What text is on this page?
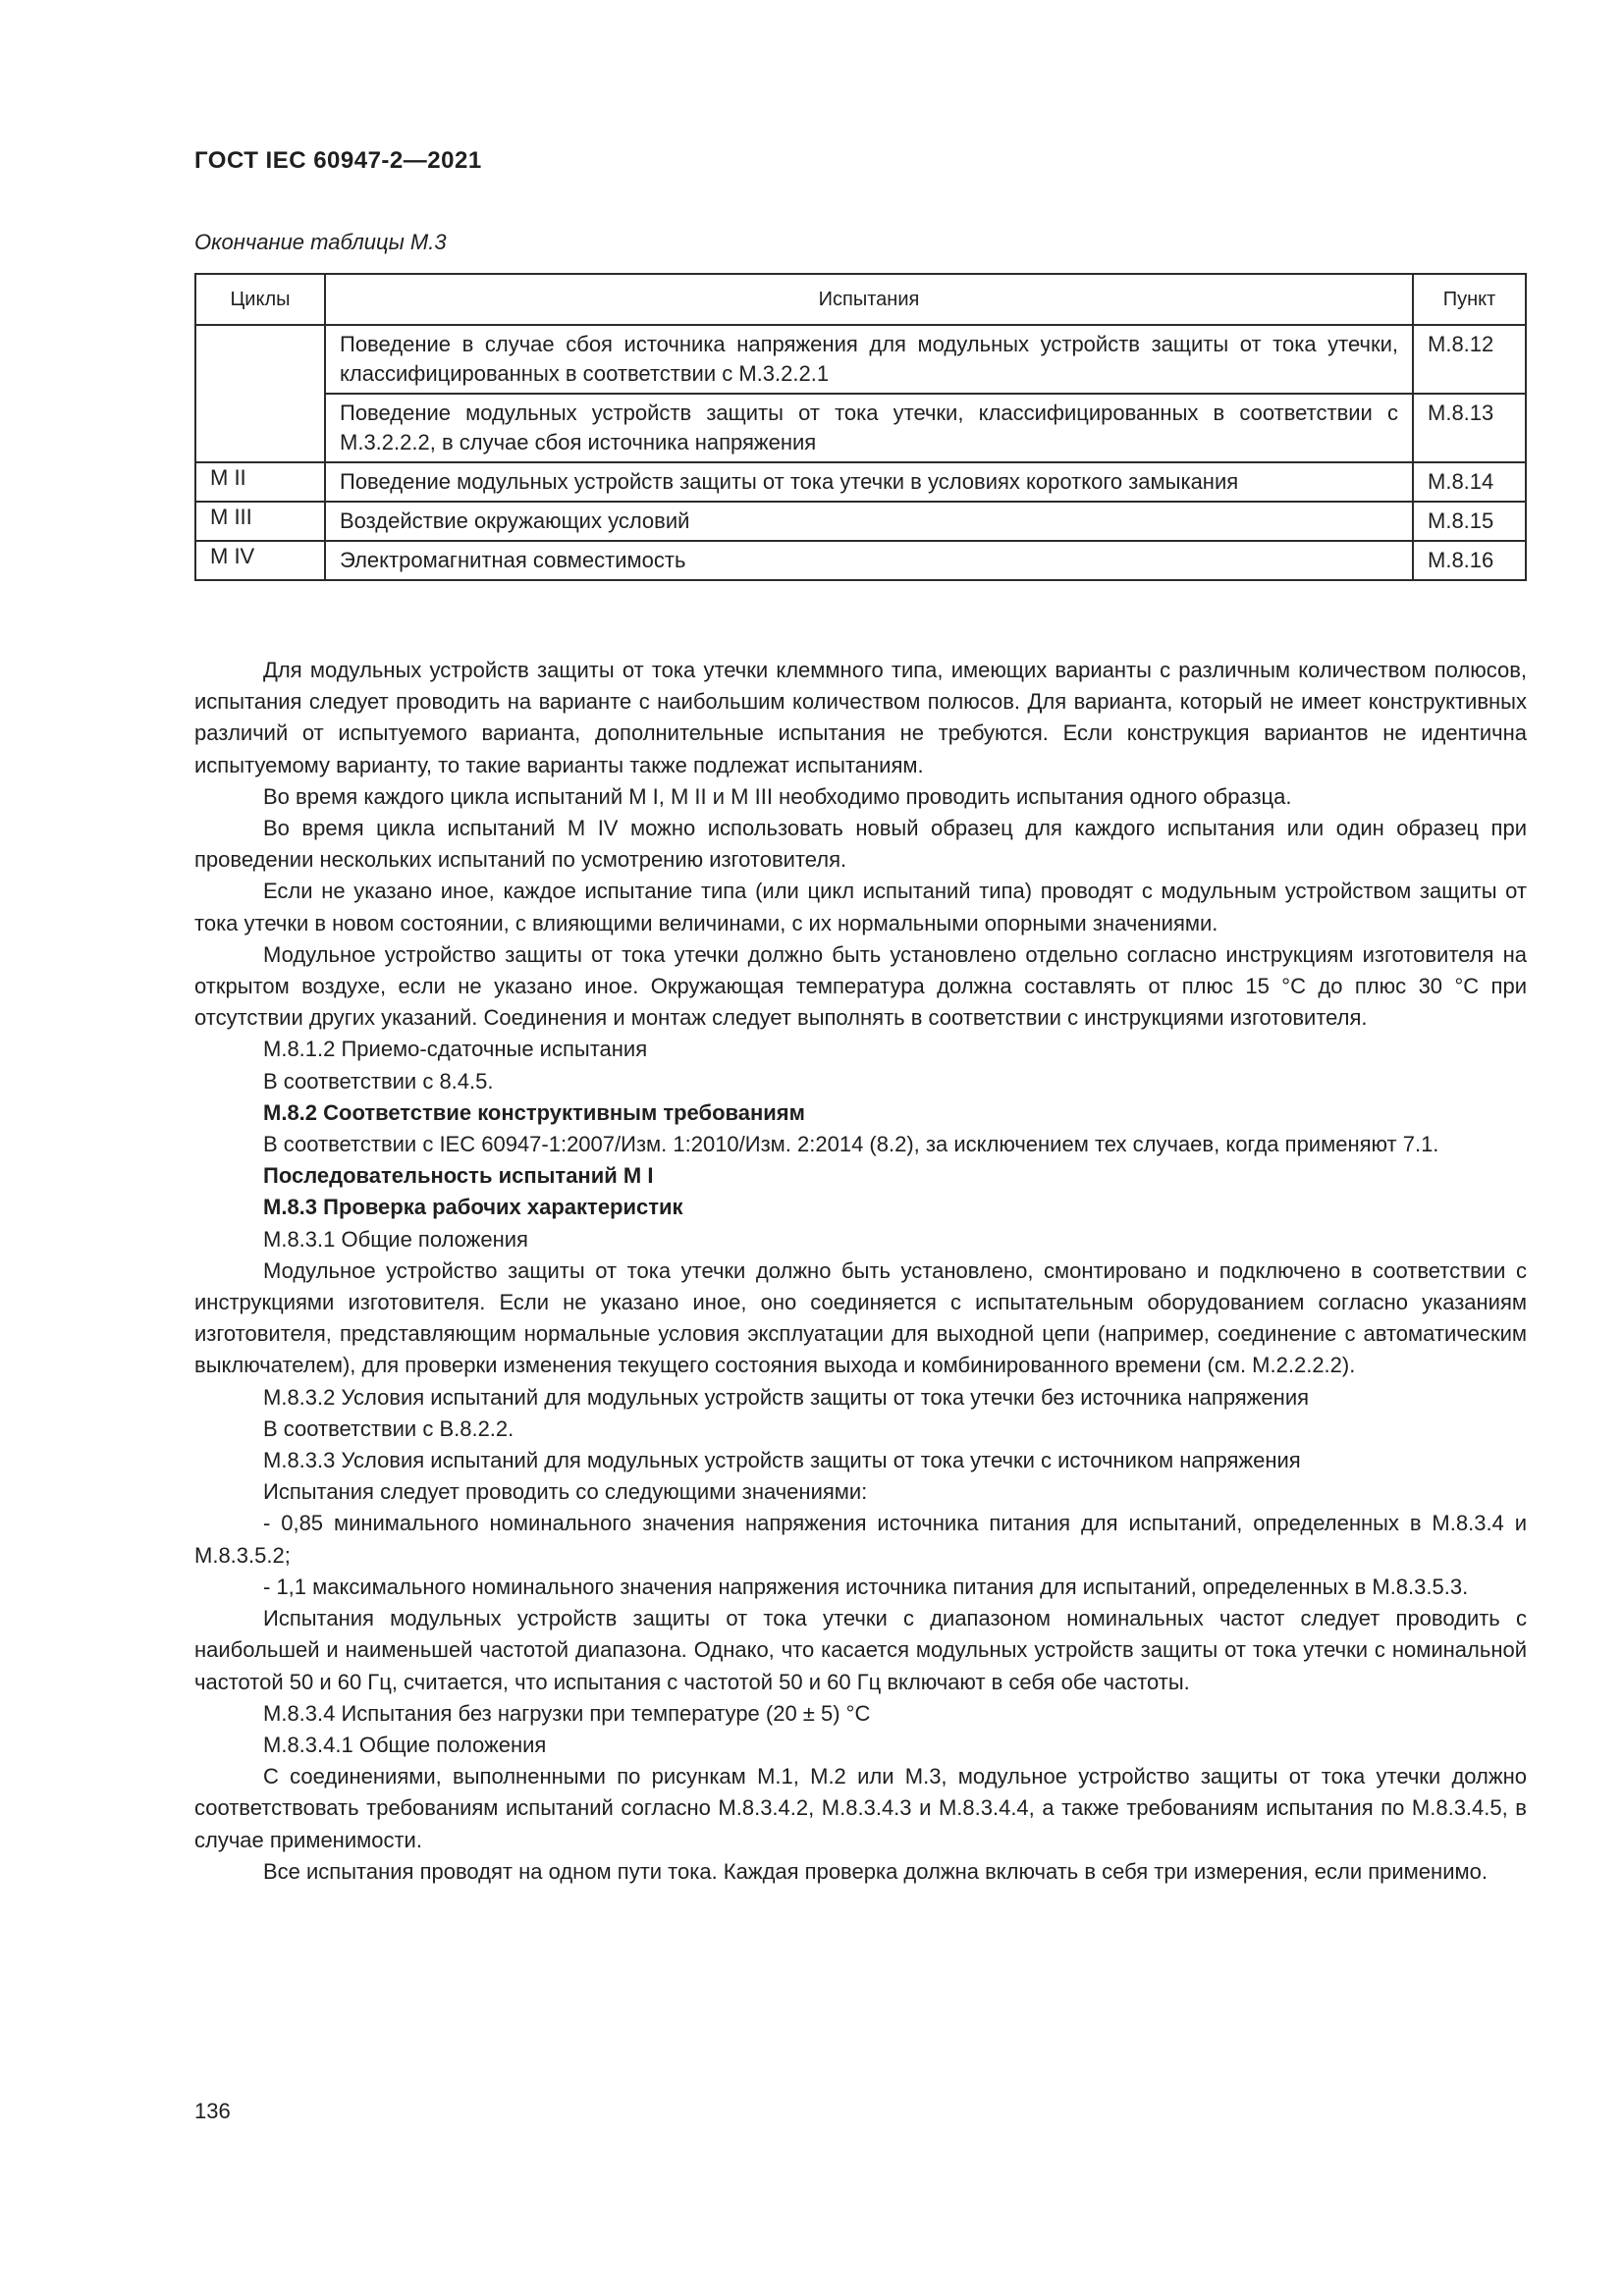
ГОСТ IEC 60947-2—2021
Окончание таблицы М.3
Циклы	Испытания	Пункт
	Поведение в случае сбоя источника напряжения для модульных устройств защиты от тока утечки, классифицированных в соответствии с М.3.2.2.1	М.8.12
	Поведение модульных устройств защиты от тока утечки, классифицированных в соответствии с М.3.2.2.2, в случае сбоя источника напряжения	М.8.13
М II	Поведение модульных устройств защиты от тока утечки в условиях короткого замыкания	М.8.14
М III	Воздействие окружающих условий	М.8.15
М IV	Электромагнитная совместимость	М.8.16

Для модульных устройств защиты от тока утечки клеммного типа, имеющих варианты с различным количеством полюсов, испытания следует проводить на варианте с наибольшим количеством полюсов. Для варианта, который не имеет конструктивных различий от испытуемого варианта, дополнительные испытания не требуются. Если конструкция вариантов не идентична испытуемому варианту, то такие варианты также подлежат испытаниям.

Во время каждого цикла испытаний М I, М II и М III необходимо проводить испытания одного образца.

Во время цикла испытаний М IV можно использовать новый образец для каждого испытания или один образец при проведении нескольких испытаний по усмотрению изготовителя.

Если не указано иное, каждое испытание типа (или цикл испытаний типа) проводят с модульным устройством защиты от тока утечки в новом состоянии, с влияющими величинами, с их нормальными опорными значениями.

Модульное устройство защиты от тока утечки должно быть установлено отдельно согласно инструкциям изготовителя на открытом воздухе, если не указано иное. Окружающая температура должна составлять от плюс 15 °С до плюс 30 °С при отсутствии других указаний. Соединения и монтаж следует выполнять в соответствии с инструкциями изготовителя.

М.8.1.2 Приемо-сдаточные испытания

В соответствии с 8.4.5.

М.8.2 Соответствие конструктивным требованиям

В соответствии с IEC 60947-1:2007/Изм. 1:2010/Изм. 2:2014 (8.2), за исключением тех случаев, когда применяют 7.1.

Последовательность испытаний М I

М.8.3 Проверка рабочих характеристик

М.8.3.1 Общие положения

Модульное устройство защиты от тока утечки должно быть установлено, смонтировано и подключено в соответствии с инструкциями изготовителя. Если не указано иное, оно соединяется с испытательным оборудованием согласно указаниям изготовителя, представляющим нормальные условия эксплуатации для выходной цепи (например, соединение с автоматическим выключателем), для проверки изменения текущего состояния выхода и комбинированного времени (см. М.2.2.2.2).

М.8.3.2 Условия испытаний для модульных устройств защиты от тока утечки без источника напряжения

В соответствии с В.8.2.2.

М.8.3.3 Условия испытаний для модульных устройств защиты от тока утечки с источником напряжения

Испытания следует проводить со следующими значениями:

- 0,85 минимального номинального значения напряжения источника питания для испытаний, определенных в М.8.3.4 и М.8.3.5.2;

- 1,1 максимального номинального значения напряжения источника питания для испытаний, определенных в М.8.3.5.3.

Испытания модульных устройств защиты от тока утечки с диапазоном номинальных частот следует проводить с наибольшей и наименьшей частотой диапазона. Однако, что касается модульных устройств защиты от тока утечки с номинальной частотой 50 и 60 Гц, считается, что испытания с частотой 50 и 60 Гц включают в себя обе частоты.

М.8.3.4 Испытания без нагрузки при температуре (20 ± 5) °С

М.8.3.4.1 Общие положения

С соединениями, выполненными по рисункам М.1, М.2 или М.3, модульное устройство защиты от тока утечки должно соответствовать требованиям испытаний согласно М.8.3.4.2, М.8.3.4.3 и М.8.3.4.4, а также требованиям испытания по М.8.3.4.5, в случае применимости.

Все испытания проводят на одном пути тока. Каждая проверка должна включать в себя три измерения, если применимо.

136
